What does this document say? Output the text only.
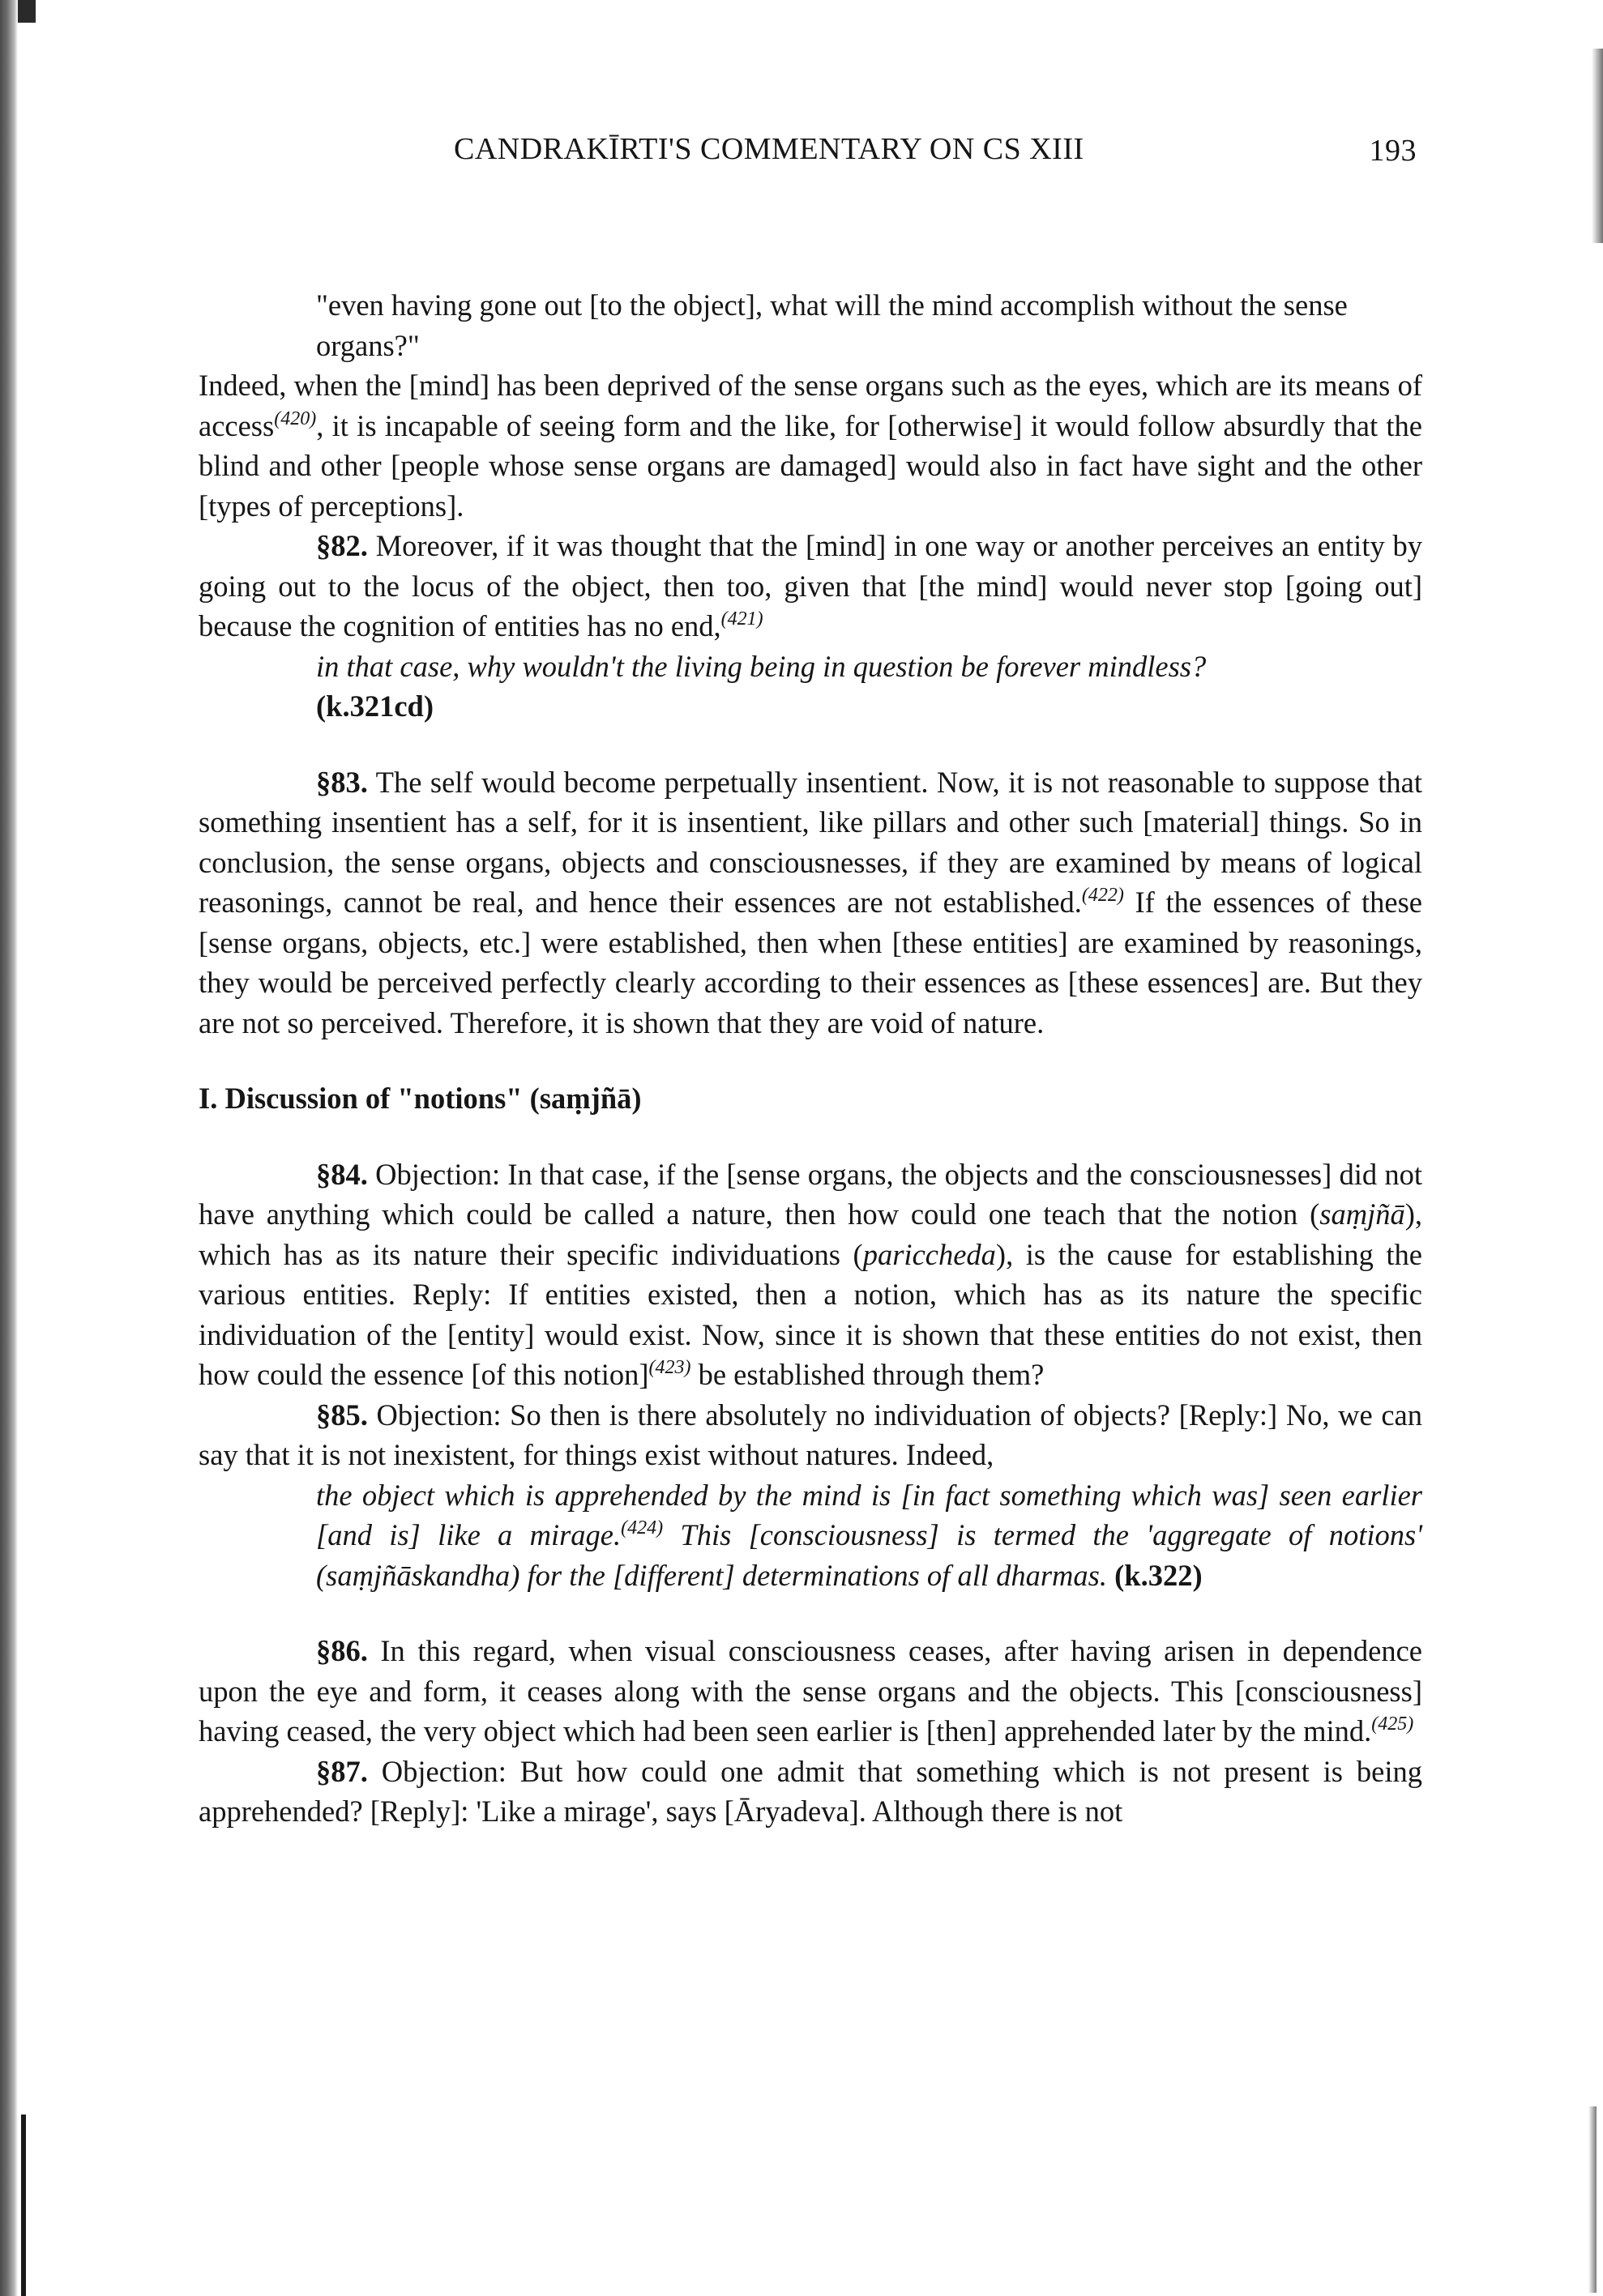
CANDRAKĪRTI'S COMMENTARY ON CS XIII	193

"even having gone out [to the object], what will the mind accomplish without the sense organs?"

Indeed, when the [mind] has been deprived of the sense organs such as the eyes, which are its means of access$^{(420)}$, it is incapable of seeing form and the like, for [otherwise] it would follow absurdly that the blind and other [people whose sense organs are damaged] would also in fact have sight and the other [types of perceptions].

§82. Moreover, if it was thought that the [mind] in one way or another perceives an entity by going out to the locus of the object, then too, given that [the mind] would never stop [going out] because the cognition of entities has no end,$^{(421)}$

in that case, why wouldn't the living being in question be forever mindless?
(k.321cd)

§83. The self would become perpetually insentient. Now, it is not reasonable to suppose that something insentient has a self, for it is insentient, like pillars and other such [material] things. So in conclusion, the sense organs, objects and consciousnesses, if they are examined by means of logical reasonings, cannot be real, and hence their essences are not established.$^{(422)}$ If the essences of these [sense organs, objects, etc.] were established, then when [these entities] are examined by reasonings, they would be perceived perfectly clearly according to their essences as [these essences] are. But they are not so perceived. Therefore, it is shown that they are void of nature.

I. Discussion of "notions" (saṃjñā)

§84. Objection: In that case, if the [sense organs, the objects and the consciousnesses] did not have anything which could be called a nature, then how could one teach that the notion (saṃjñā), which has as its nature their specific individuations (pariccheda), is the cause for establishing the various entities. Reply: If entities existed, then a notion, which has as its nature the specific individuation of the [entity] would exist. Now, since it is shown that these entities do not exist, then how could the essence [of this notion]$^{(423)}$ be established through them?

§85. Objection: So then is there absolutely no individuation of objects? [Reply:] No, we can say that it is not inexistent, for things exist without natures. Indeed,

the object which is apprehended by the mind is [in fact something which was] seen earlier [and is] like a mirage.$^{(424)}$ This [consciousness] is termed the 'aggregate of notions' (saṃjñāskandha) for the [different] determinations of all dharmas. (k.322)

§86. In this regard, when visual consciousness ceases, after having arisen in dependence upon the eye and form, it ceases along with the sense organs and the objects. This [consciousness] having ceased, the very object which had been seen earlier is [then] apprehended later by the mind.$^{(425)}$

§87. Objection: But how could one admit that something which is not present is being apprehended? [Reply]: 'Like a mirage', says [Āryadeva]. Although there is not
